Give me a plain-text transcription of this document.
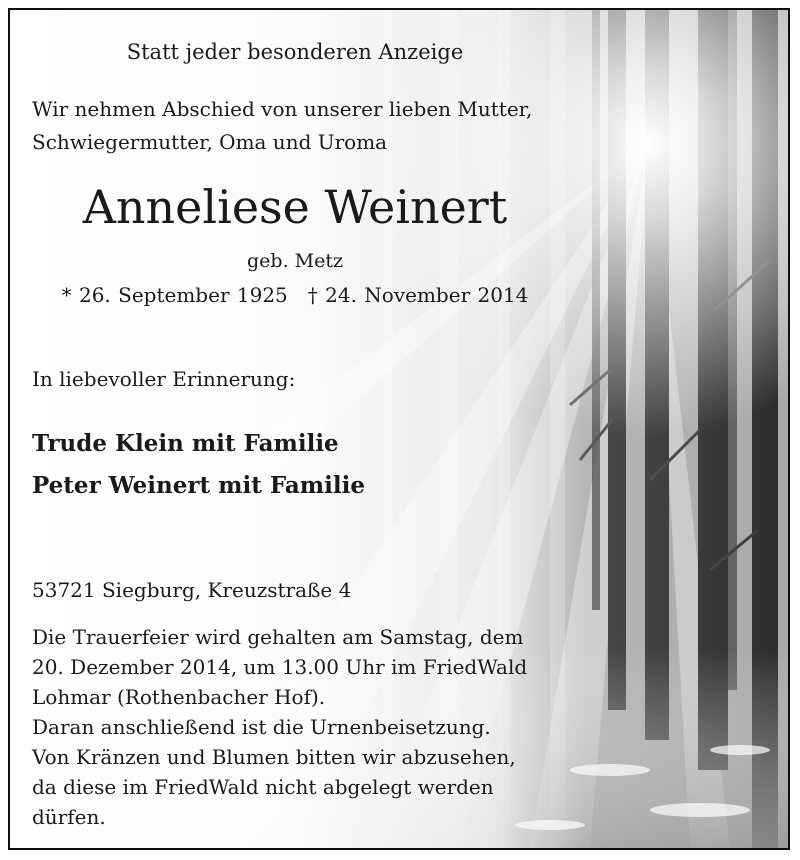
Statt jeder besonderen Anzeige
Wir nehmen Abschied von unserer lieben Mutter,
Schwiegermutter, Oma und Uroma
Anneliese Weinert
geb. Metz
* 26. September 1925 † 24. November 2014
In liebevoller Erinnerung:
Trude Klein mit Familie
Peter Weinert mit Familie
53721 Siegburg, Kreuzstraße 4
Die Trauerfeier wird gehalten am Samstag, dem
20. Dezember 2014, um 13.00 Uhr im FriedWald
Lohmar (Rothenbacher Hof).
Daran anschließend ist die Urnenbeisetzung.
Von Kränzen und Blumen bitten wir abzusehen,
da diese im FriedWald nicht abgelegt werden
dürfen.
